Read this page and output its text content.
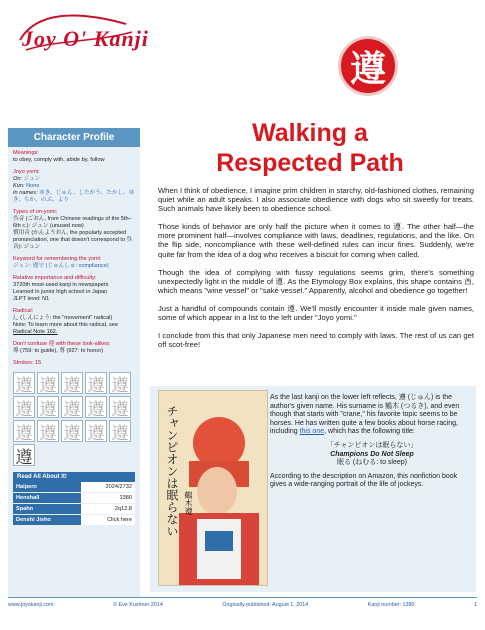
Joy O' Kanji
遵
Character Profile
Meanings:
to obey, comply with, abide by, follow
Joyo yomi:
On: ジュン
Kun: None
In names: ゆき、じゅん、したがう、たかし、ゆき、ちか、のぶ、より
Types of on-yomi:
呉音 (ごおん, from Chinese readings of the 5th–6th c.): ジュン (unused now)
慣用音 (かんようおん, the popularly accepted pronunciation, one that doesn't correspond to 呉音): ジュン
Keyword for remembering the yomi:
ジュン: 遵守 (じゅんしゅ: compliance)
Relative importance and difficulty:
3720th most-used kanji in newspapers
Learned in junior high school in Japan
JLPT level: N1
Radical:
辶 (しんにょう: the "movement" radical)
Note: To learn more about this radical, see
Radical Note 162.
Don't confuse 遵 with these look-alikes:
導 (759: to guide), 尊 (927: to honor)
Strokes: 15
遵 遵 遵 遵 遵
遵 遵 遵 遵 遵
遵 遵 遵 遵 遵
遵
Read All About It!
Halpern	2024/2732
Henshall	1380
Spahn	2q12.8
Denshi Jisho	Click here
Walking a
Respected Path

When I think of obedience, I imagine prim children in starchy, old-fashioned clothes, remaining quiet while an adult speaks. I also associate obedience with dogs who sit sweetly for treats. Such animals have likely been to obedience school.

Those kinds of behavior are only half the picture when it comes to 遵. The other half—the more prominent half—involves compliance with laws, deadlines, regulations, and the like. On the flip side, noncompliance with these well-defined rules can incur fines. Suddenly, we're quite far from the idea of a dog who receives a biscuit for coming when called.

Though the idea of complying with fussy regulations seems grim, there's something unexpectedly light in the middle of 遵. As the Etymology Box explains, this shape contains 酋, which means "wine vessel" or "saké vessel." Apparently, alcohol and obedience go together!

Just a handful of compounds contain 遵. We'll mostly encounter it inside male given names, some of which appear in a list to the left under "Joyo yomi."

I conclude from this that only Japanese men need to comply with laws. The rest of us can get off scot-free!

チャンピオンは眠らない 鶴木遵

As the last kanji on the lower left reflects, 遵 (じゅん) is the author's given name. His surname is 鶴木 (つるき), and even though that starts with "crane," his favorite topic seems to be horses. He has written quite a few books about horse racing, including this one, which has the following title:

「チャンピオンは眠らない」
Champions Do Not Sleep
眠る (ねむる: to sleep)

According to the description on Amazon, this nonfiction book gives a wide-ranging portrait of the life of jockeys.

www.joyokanji.com	© Eve Kushner 2014	Originally published: August 1, 2014	Kanji number: 1380	1
